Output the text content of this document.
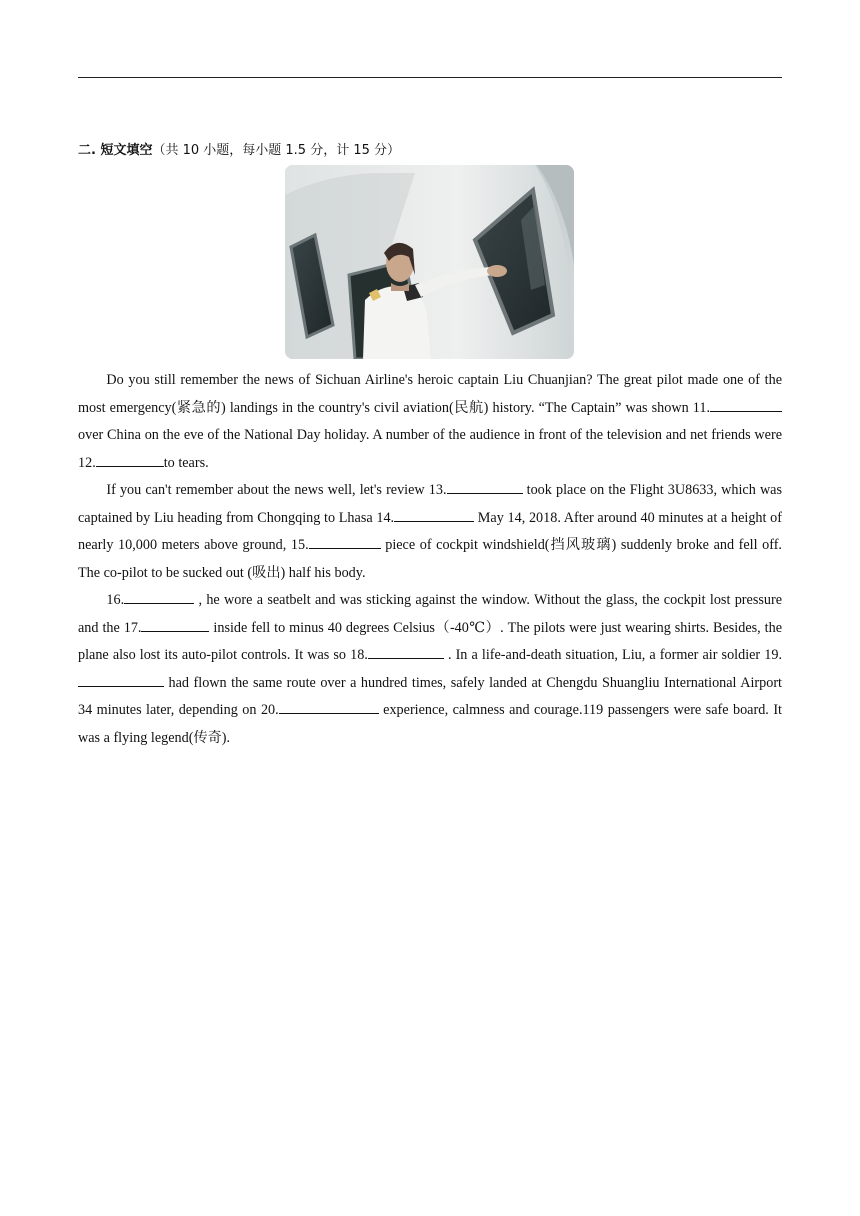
二. 短文填空（共 10 小题，每小题 1.5 分，计 15 分）

Do you still remember the news of Sichuan Airline's heroic captain Liu Chuanjian? The great pilot made one of the most emergency(紧急的) landings in the country's civil aviation(民航) history. “The Captain” was shown 11. over China on the eve of the National Day holiday. A number of the audience in front of the television and net friends were 12.	to tears.

If you can't remember about the news well, let's review 13.	took place on the Flight 3U8633, which was captained by Liu heading from Chongqing to Lhasa 14.	May 14, 2018. After around 40 minutes at a height of nearly 10,000 meters above ground, 15.	piece of cockpit windshield(挡风玻璃) suddenly broke and fell off. The co-pilot to be sucked out (吸出) half his body.

16.	, he wore a seatbelt and was sticking against the window. Without the glass, the cockpit lost pressure and the 17.	inside fell to minus 40 degrees Celsius（-40℃）. The pilots were just wearing shirts. Besides, the plane also lost its auto-pilot controls. It was so 18.	. In a life-and-death situation, Liu, a former air soldier 19. had flown the same route over a hundred times, safely landed at Chengdu Shuangliu International Airport 34 minutes later, depending on 20.	experience, calmness and courage.119 passengers were safe board. It was a flying legend(传奇).
